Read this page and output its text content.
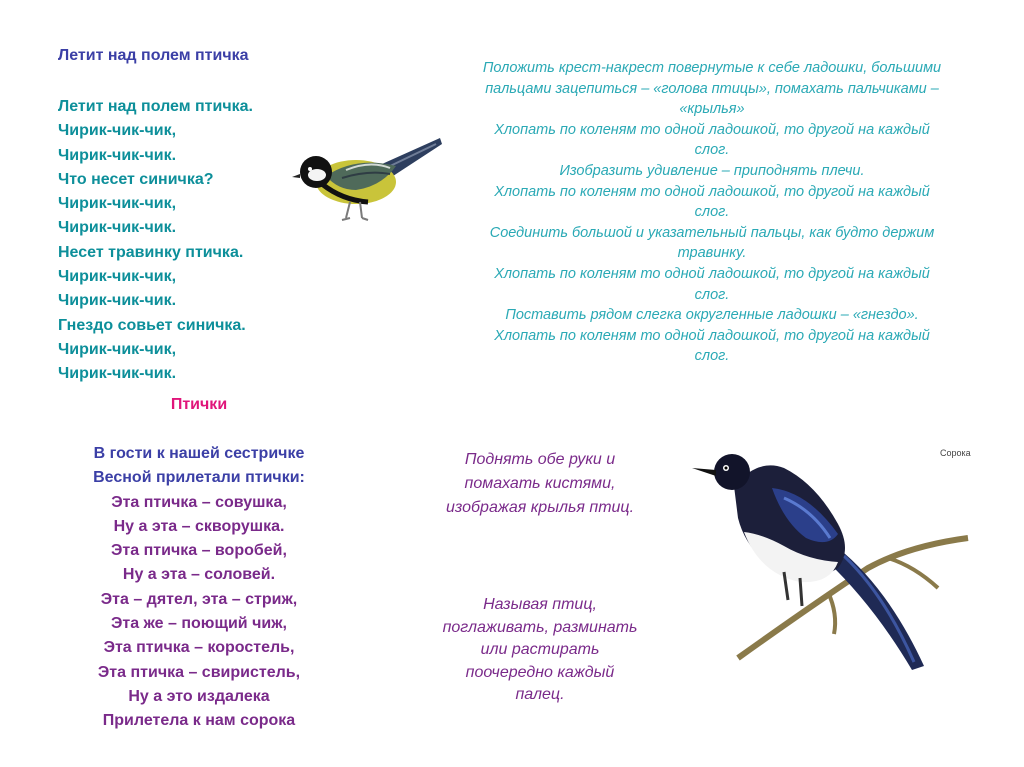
Летит над полем птичка
Летит над полем птичка.
Чирик-чик-чик,
Чирик-чик-чик.
Что несет синичка?
Чирик-чик-чик,
Чирик-чик-чик.
Несет травинку птичка.
Чирик-чик-чик,
Чирик-чик-чик.
Гнездо совьет синичка.
Чирик-чик-чик,
Чирик-чик-чик.
Положить крест-накрест повернутые к себе ладошки, большими
пальцами зацепиться – «голова птицы», помахать пальчиками –
«крылья»
Хлопать по коленям то одной ладошкой, то другой на каждый
слог.
Изобразить удивление – приподнять плечи.
Хлопать по коленям то одной ладошкой, то другой на каждый
слог.
Соединить большой и указательный пальцы, как будто держим
травинку.
Хлопать по коленям то одной ладошкой, то другой на каждый
слог.
Поставить рядом слегка округленные ладошки – «гнездо».
Хлопать по коленям то одной ладошкой, то другой на каждый
слог.
Птички
В гости к нашей сестричке
Весной прилетали птички:
Эта птичка – совушка,
Ну а эта – скворушка.
Эта птичка – воробей,
Ну а эта – соловей.
Эта – дятел, эта – стриж,
Эта же – поющий чиж,
Эта птичка – коростель,
Эта птичка – свиристель,
Ну а это издалека
Прилетела к нам сорока
Поднять обе руки и
помахать кистями,
изображая крылья птиц.
Называя птиц,
поглаживать, разминать
или растирать
поочередно каждый
палец.
Сорока
